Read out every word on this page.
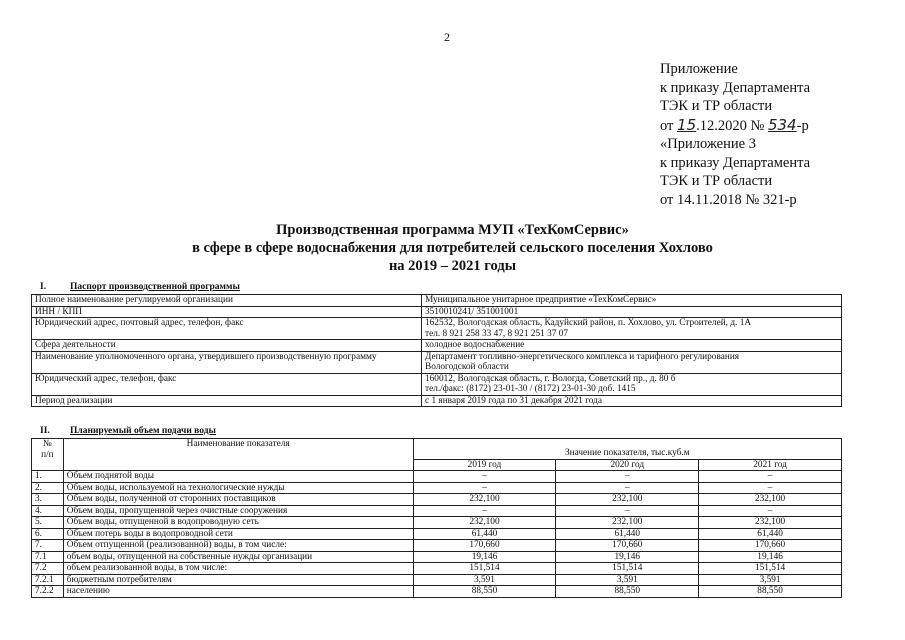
2
Приложение
к приказу Департамента
ТЭК и ТР области
от 15.12.2020 № 534-р
«Приложение 3
к приказу Департамента
ТЭК и ТР области
от 14.11.2018 № 321-р
Производственная программа МУП «ТехКомСервис»
в сфере в сфере водоснабжения для потребителей сельского поселения Хохлово
на 2019 – 2021 годы
I.	Паспорт производственной программы
Полное наименование регулируемой организации	Муниципальное унитарное предприятие «ТехКомСервис»

ИНН / КПП	3510010241/ 351001001

Юридический адрес, почтовый адрес, телефон, факс	162532, Вологодская область, Кадуйский район, п. Хохлово, ул. Строителей, д. 1А
тел. 8 921 258 33 47, 8 921 251 37 07

Сфера деятельности	холодное водоснабжение

Наименование уполномоченного органа, утвердившего производственную программу	Департамент топливно-энергетического комплекса и тарифного регулирования
Вологодской области

Юридический адрес, телефон, факс	160012, Вологодская область, г. Вологда, Советский пр., д. 80 б
тел./факс: (8172) 23-01-30 / (8172) 23-01-30 доб. 1415

Период реализации	с 1 января 2019 года по 31 декабря 2021 года
II. Планируемый объем подачи воды
№
п/п	Наименование показателя	Значение показателя, тыс.куб.м		
		2019 год	2020 год	2021 год
1.	Объем поднятой воды	–	–	–
2.	Объем воды, используемой на технологические нужды	–	–	–
3.	Объем воды, полученной от сторонних поставщиков	232,100	232,100	232,100
4.	Объем воды, пропущенной через очистные сооружения	–	–	–
5.	Объем воды, отпущенной в водопроводную сеть	232,100	232,100	232,100
6.	Объем потерь воды в водопроводной сети	61,440	61,440	61,440
7.	Объем отпущенной (реализованной) воды, в том числе:	170,660	170,660	170,660
7.1	объем воды, отпущенной на собственные нужды организации	19,146	19,146	19,146
7.2	объем реализованной воды, в том числе:	151,514	151,514	151,514
7.2.1	бюджетным потребителям	3,591	3,591	3,591
7.2.2	населению	88,550	88,550	88,550
